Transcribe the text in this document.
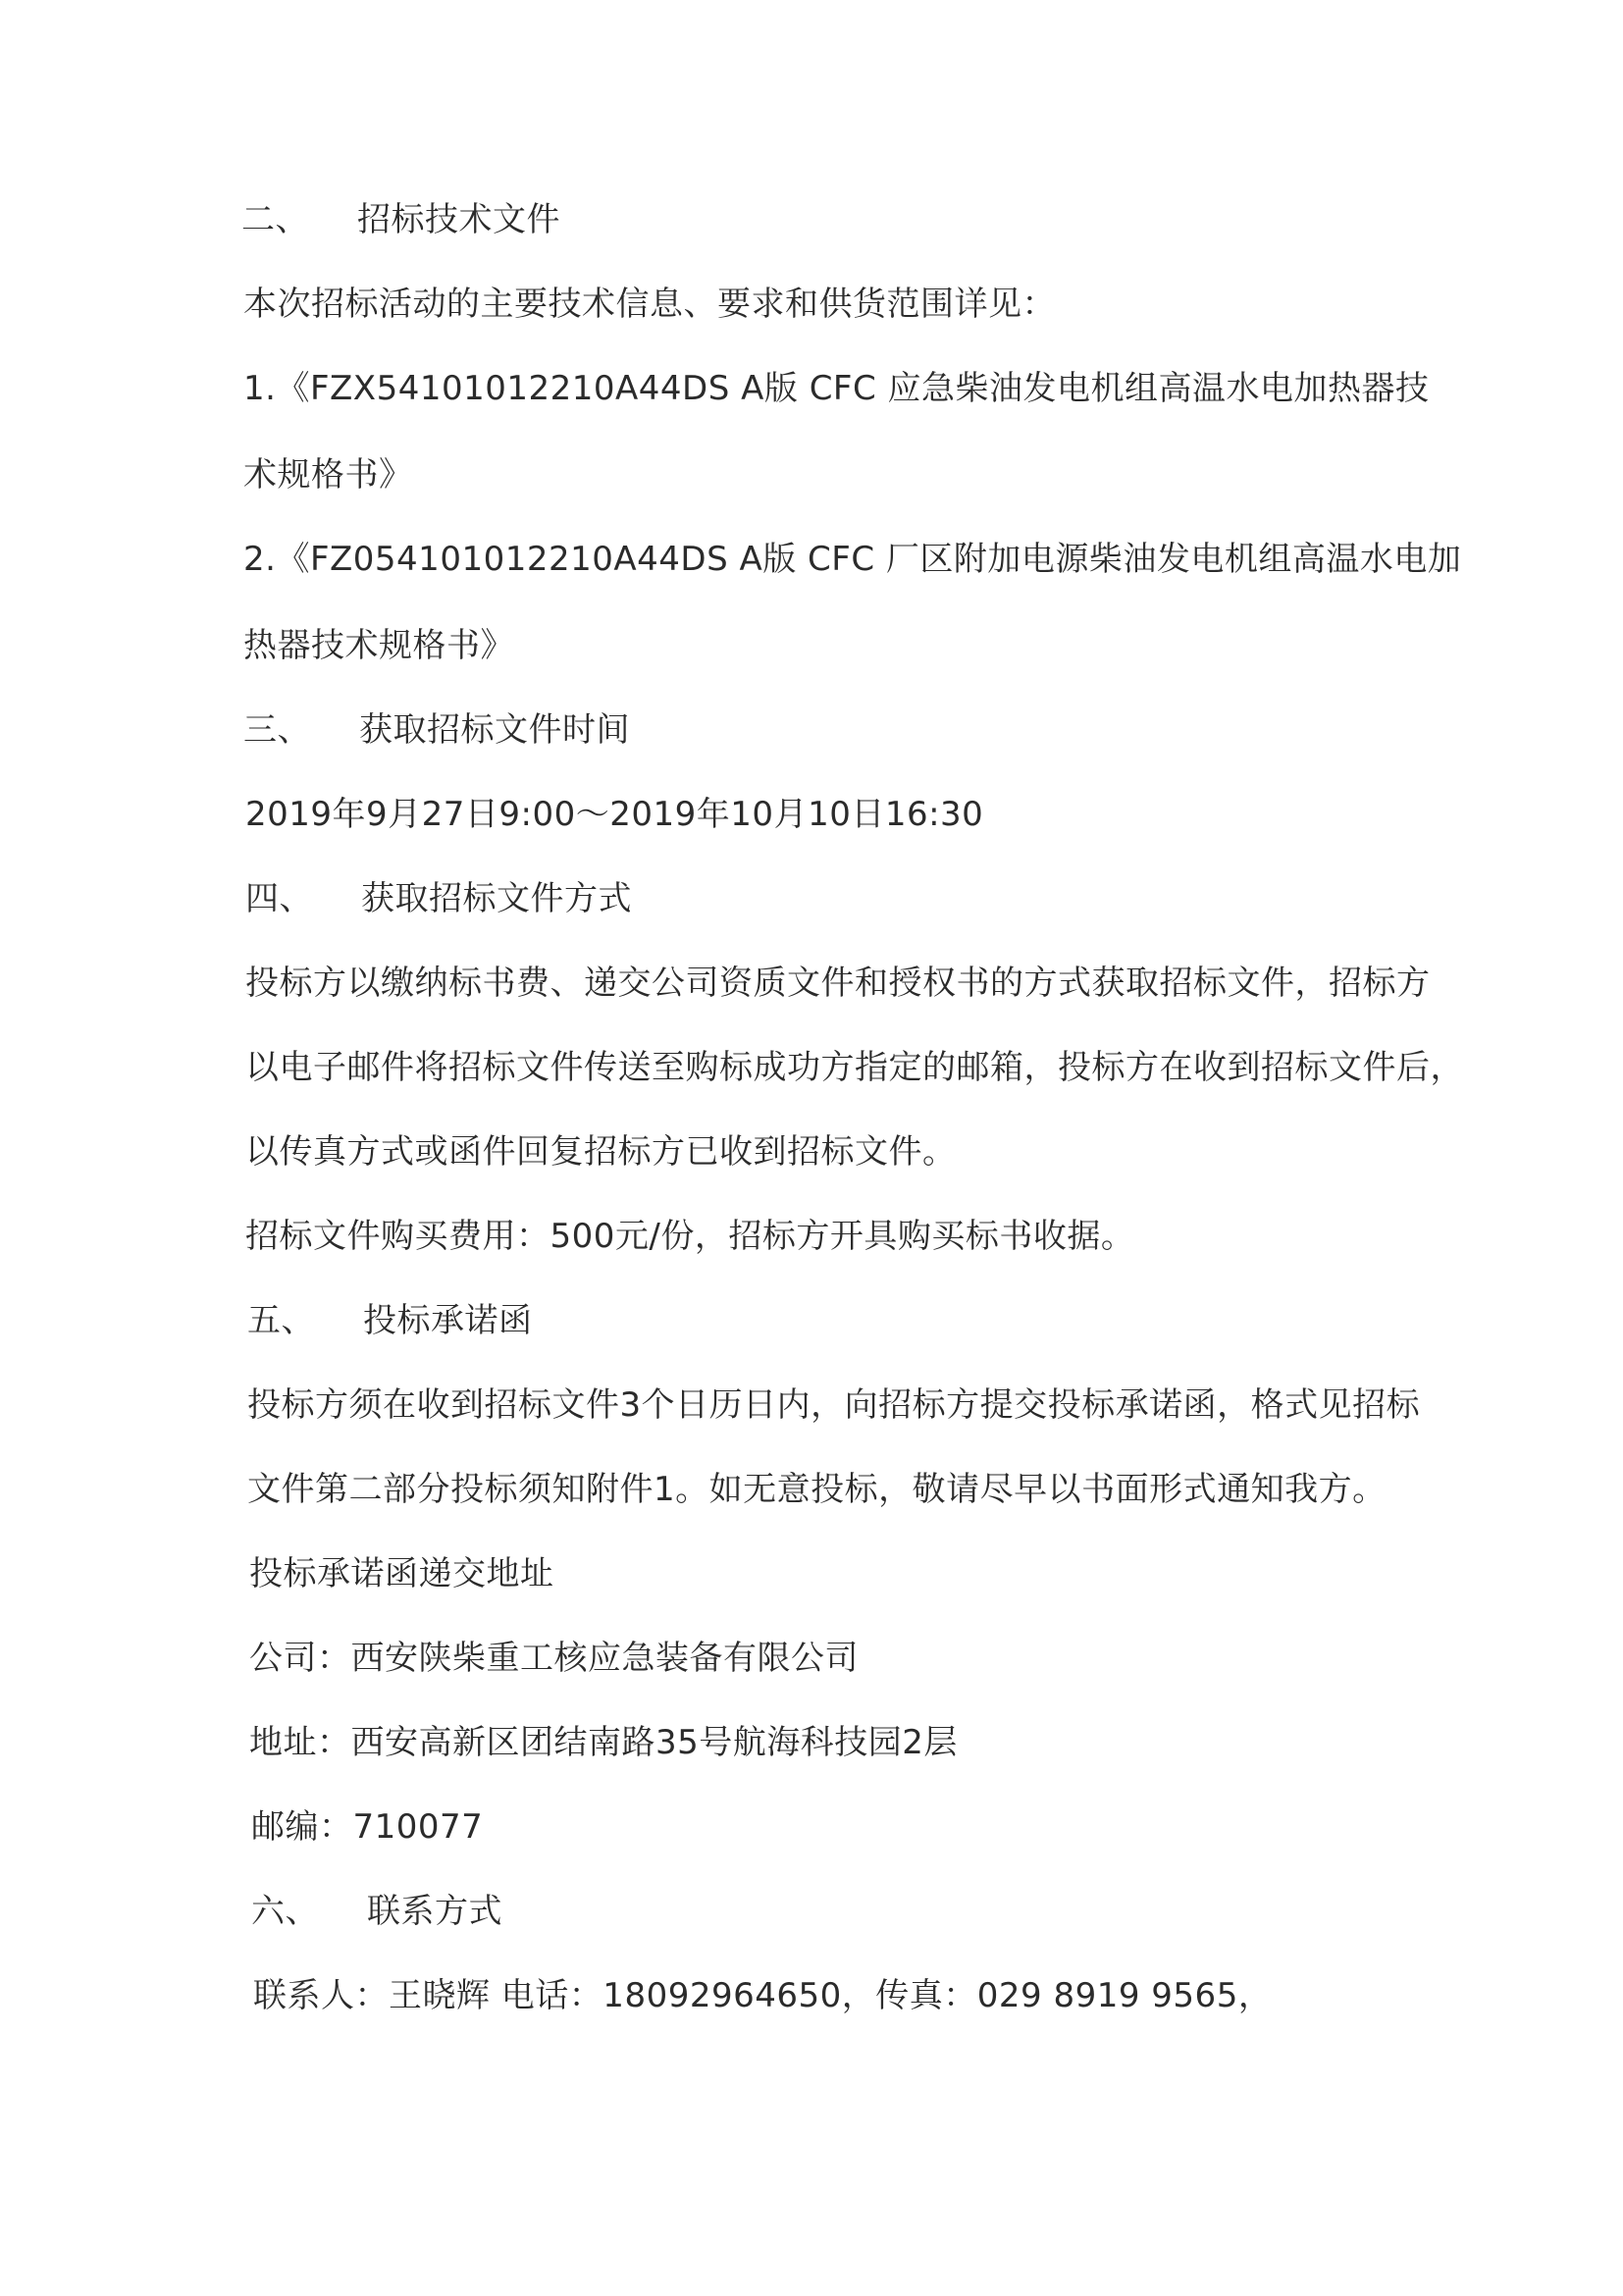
二、 招标技术文件
本次招标活动的主要技术信息、要求和供货范围详见：
1.《FZX54101012210A44DS A版 CFC 应急柴油发电机组高温水电加热器技
术规格书》
2.《FZ054101012210A44DS A版 CFC 厂区附加电源柴油发电机组高温水电加
热器技术规格书》
三、 获取招标文件时间
2019年9月27日9:00～2019年10月10日16:30
四、 获取招标文件方式
投标方以缴纳标书费、递交公司资质文件和授权书的方式获取招标文件，招标方
以电子邮件将招标文件传送至购标成功方指定的邮箱，投标方在收到招标文件后，
以传真方式或函件回复招标方已收到招标文件。
招标文件购买费用：500元/份，招标方开具购买标书收据。
五、 投标承诺函
投标方须在收到招标文件3个日历日内，向招标方提交投标承诺函，格式见招标
文件第二部分投标须知附件1。如无意投标，敬请尽早以书面形式通知我方。
投标承诺函递交地址
公司：西安陕柴重工核应急装备有限公司
地址：西安高新区团结南路35号航海科技园2层
邮编：710077
六、 联系方式
联系人：王晓辉 电话：18092964650，传真：029 8919 9565，
